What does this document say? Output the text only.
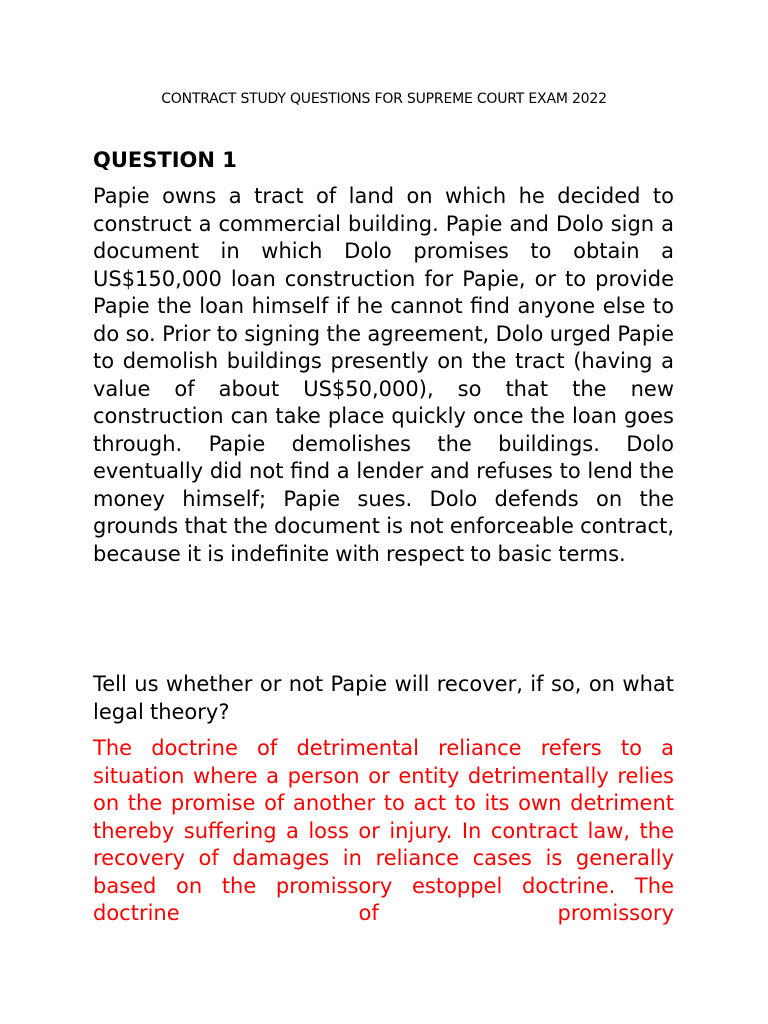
CONTRACT STUDY QUESTIONS FOR SUPREME COURT EXAM 2022
QUESTION 1
Papie owns a tract of land on which he decided to construct a commercial building. Papie and Dolo sign a document in which Dolo promises to obtain a US$150,000 loan construction for Papie, or to provide Papie the loan himself if he cannot find anyone else to do so. Prior to signing the agreement, Dolo urged Papie to demolish buildings presently on the tract (having a value of about US$50,000), so that the new construction can take place quickly once the loan goes through. Papie demolishes the buildings. Dolo eventually did not find a lender and refuses to lend the money himself; Papie sues. Dolo defends on the grounds that the document is not enforceable contract, because it is indefinite with respect to basic terms.
Tell us whether or not Papie will recover, if so, on what legal theory?
The doctrine of detrimental reliance refers to a situation where a person or entity detrimentally relies on the promise of another to act to its own detriment thereby suffering a loss or injury. In contract law, the recovery of damages in reliance cases is generally based on the promissory estoppel doctrine. The doctrine of promissory
